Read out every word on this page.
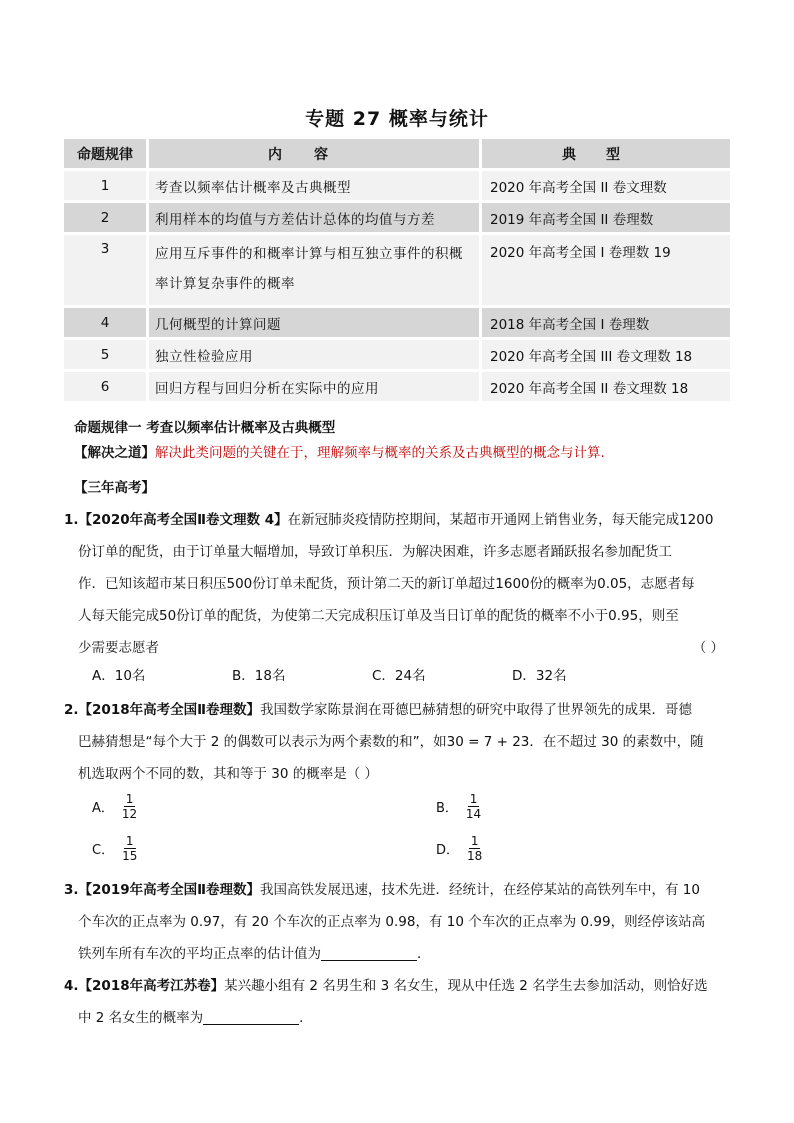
专题 27 概率与统计
命题规律	内容	典型
1	考查以频率估计概率及古典概型	2020 年高考全国 II 卷文理数
2	利用样本的均值与方差估计总体的均值与方差	2019 年高考全国 II 卷理数
3	应用互斥事件的和概率计算与相互独立事件的积概率计算复杂事件的概率	2020 年高考全国 I 卷理数 19
4	几何概型的计算问题	2018 年高考全国 I 卷理数
5	独立性检验应用	2020 年高考全国 III 卷文理数 18
6	回归方程与回归分析在实际中的应用	2020 年高考全国 II 卷文理数 18
命题规律一 考查以频率估计概率及古典概型
【解决之道】解决此类问题的关键在于，理解频率与概率的关系及古典概型的概念与计算.
【三年高考】
1.【2020年高考全国Ⅱ卷文理数 4】在新冠肺炎疫情防控期间，某超市开通网上销售业务，每天能完成1200
份订单的配货，由于订单量大幅增加，导致订单积压．为解决困难，许多志愿者踊跃报名参加配货工
作．已知该超市某日积压500份订单未配货，预计第二天的新订单超过1600份的概率为0.05，志愿者每
人每天能完成50份订单的配货，为使第二天完成积压订单及当日订单的配货的概率不小于0.95，则至
少需要志愿者	（ ）
A．10名	B．18名	C．24名	D．32名
2.【2018年高考全国Ⅱ卷理数】我国数学家陈景润在哥德巴赫猜想的研究中取得了世界领先的成果．哥德
巴赫猜想是“每个大于 2 的偶数可以表示为两个素数的和”，如30 = 7 + 23．在不超过 30 的素数中，随
机选取两个不同的数，其和等于 30 的概率是（ ）
A． $\frac{1}{12}$	B． $\frac{1}{14}$
C． $\frac{1}{15}$	D． $\frac{1}{18}$
3.【2019年高考全国Ⅱ卷理数】我国高铁发展迅速，技术先进．经统计，在经停某站的高铁列车中，有 10
个车次的正点率为 0.97，有 20 个车次的正点率为 0.98，有 10 个车次的正点率为 0.99，则经停该站高
铁列车所有车次的平均正点率的估计值为	．
4.【2018年高考江苏卷】某兴趣小组有 2 名男生和 3 名女生，现从中任选 2 名学生去参加活动，则恰好选
中 2 名女生的概率为	．
